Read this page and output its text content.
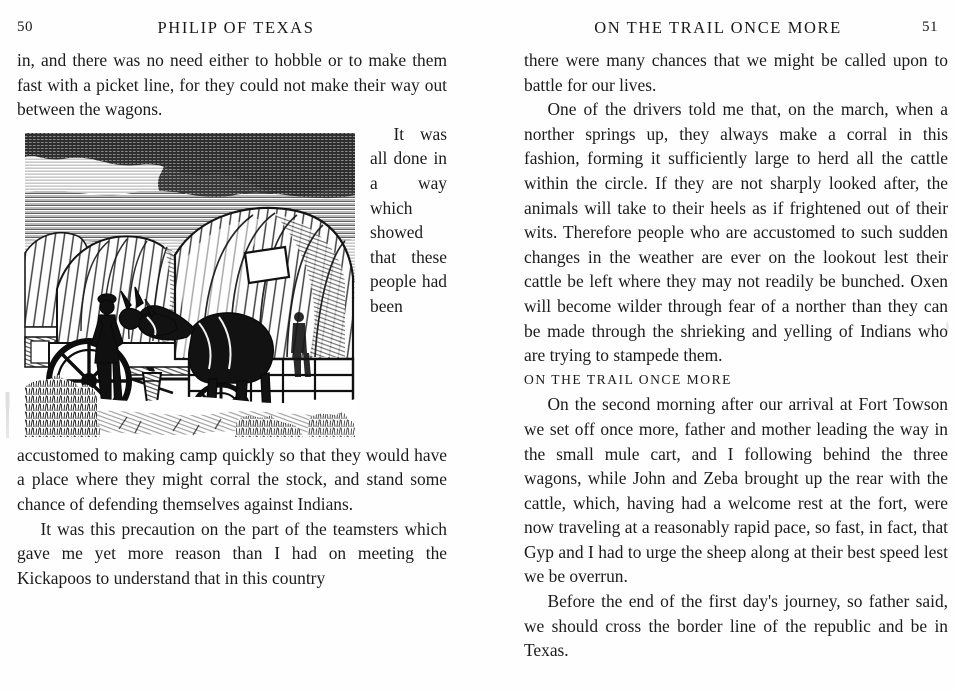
50	PHILIP OF TEXAS

in, and there was no need either to hobble or to make them fast with a picket line, for they could not make their way out between the wagons.

It was all done in a way which showed that these people had been accustomed to making camp quickly so that they would have a place where they might corral the stock, and stand some chance of defending themselves against Indians.

It was this precaution on the part of the teamsters which gave me yet more reason than I had on meeting the Kickapoos to understand that in this country

ON THE TRAIL ONCE MORE	51

there were many chances that we might be called upon to battle for our lives.

One of the drivers told me that, on the march, when a norther springs up, they always make a corral in this fashion, forming it sufficiently large to herd all the cattle within the circle. If they are not sharply looked after, the animals will take to their heels as if frightened out of their wits. Therefore people who are accustomed to such sudden changes in the weather are ever on the lookout lest their cattle be left where they may not readily be bunched. Oxen will become wilder through fear of a norther than they can be made through the shrieking and yelling of Indians who are trying to stampede them.

ON THE TRAIL ONCE MORE

On the second morning after our arrival at Fort Towson we set off once more, father and mother leading the way in the small mule cart, and I following behind the three wagons, while John and Zeba brought up the rear with the cattle, which, having had a welcome rest at the fort, were now traveling at a reasonably rapid pace, so fast, in fact, that Gyp and I had to urge the sheep along at their best speed lest we be overrun.

Before the end of the first day's journey, so father said, we should cross the border line of the republic and be in Texas.
